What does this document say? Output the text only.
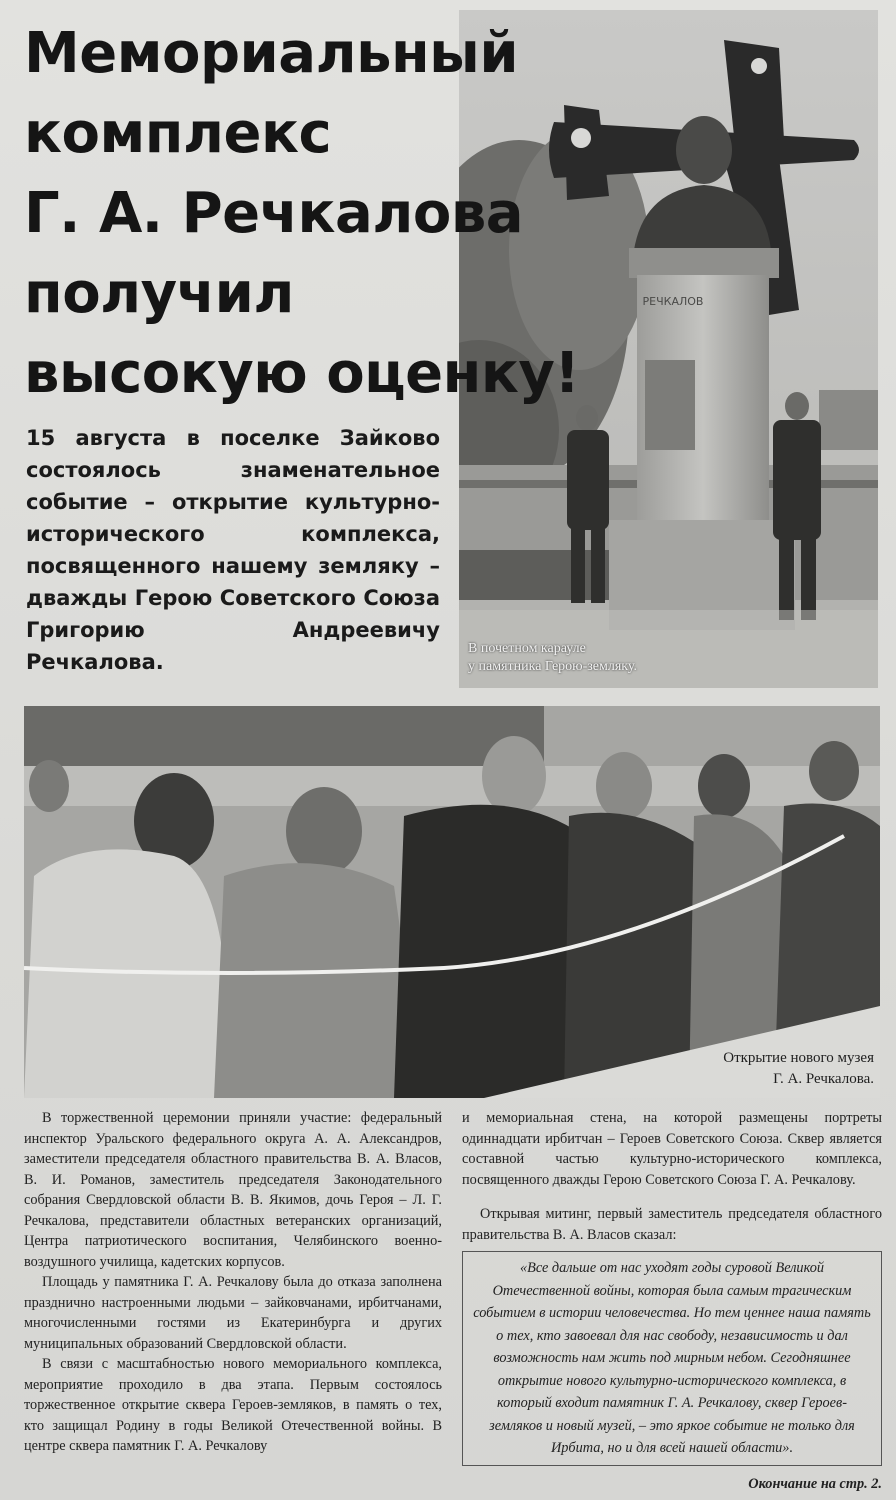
РЕЧКАЛОВ
В почетном карауле
у памятника Герою-земляку.
Мемориальный
комплекс
Г. А. Речкалова
получил
высокую оценку!
15 августа в поселке Зайково состоялось знаменательное событие – открытие культурно-исторического комплекса, посвященного нашему земляку – дважды Герою Советского Союза Григорию Андреевичу Речкалова.
Открытие нового музея
Г. А. Речкалова.

В торжественной церемонии приняли участие: федеральный инспектор Уральского федерального округа А. А. Александров, заместители председателя областного правительства В. А. Власов, В. И. Романов, заместитель председателя Законодательного собрания Свердловской области В. В. Якимов, дочь Героя – Л. Г. Речкалова, представители областных ветеранских организаций, Центра патриотического воспитания, Челябинского военно-воздушного училища, кадетских корпусов.

Площадь у памятника Г. А. Речкалову была до отказа заполнена празднично настроенными людьми – зайковчанами, ирбитчанами, многочисленными гостями из Екатеринбурга и других муниципальных образований Свердловской области.

В связи с масштабностью нового мемориального комплекса, мероприятие проходило в два этапа. Первым состоялось торжественное открытие сквера Героев-земляков, в память о тех, кто защищал Родину в годы Великой Отечественной войны. В центре сквера памятник Г. А. Речкалову

и мемориальная стена, на которой размещены портреты одиннадцати ирбитчан – Героев Советского Союза. Сквер является составной частью культурно-исторического комплекса, посвященного дважды Герою Советского Союза Г. А. Речкалову.

Открывая митинг, первый заместитель председателя областного правительства В. А. Власов сказал:

«Все дальше от нас уходят годы суровой Великой Отечественной войны, которая была самым трагическим событием в истории человечества. Но тем ценнее наша память о тех, кто завоевал для нас свободу, независимость и дал возможность нам жить под мирным небом. Сегодняшнее открытие нового культурно-исторического комплекса, в который входит памятник Г. А. Речкалову, сквер Героев-земляков и новый музей, – это яркое событие не только для Ирбита, но и для всей нашей области».
Окончание на стр. 2.
